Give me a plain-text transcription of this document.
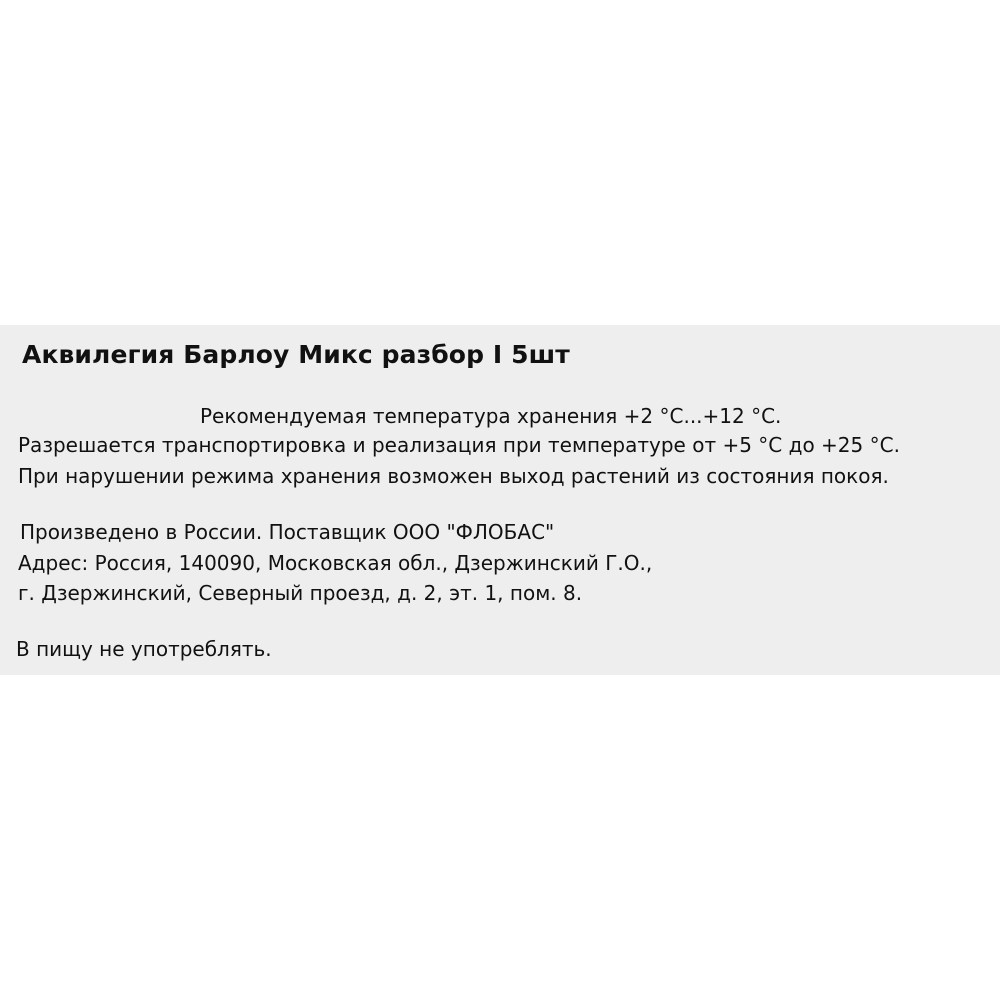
Аквилегия Барлоу Микс разбор I 5шт

Рекомендуемая температура хранения +2 °С...+12 °С.

Разрешается транспортировка и реализация при температуре от +5 °С до +25 °С.

При нарушении режима хранения возможен выход растений из состояния покоя.

Произведено в России. Поставщик ООО "ФЛОБАС"

Адрес: Россия, 140090, Московская обл., Дзержинский Г.О.,

г. Дзержинский, Северный проезд, д. 2, эт. 1, пом. 8.

В пищу не употреблять.
